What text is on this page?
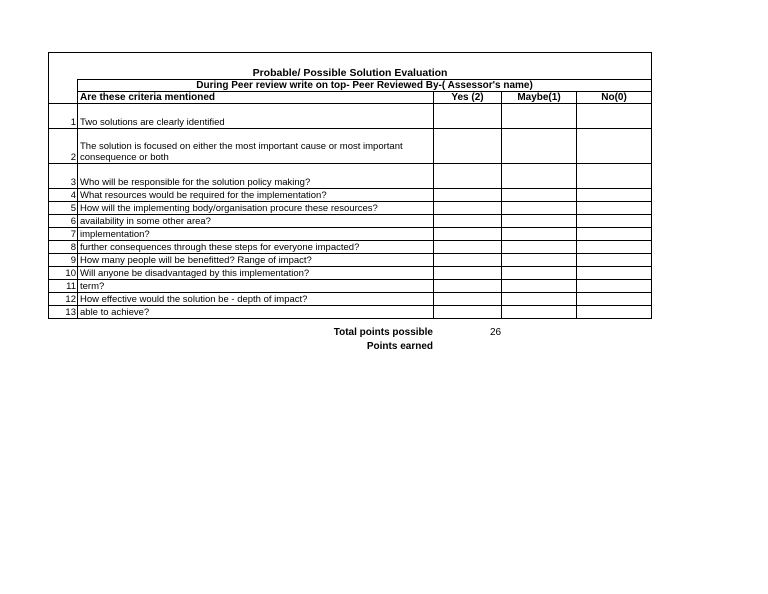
Probable/ Possible Solution Evaluation				
	During Peer review write on top- Peer Reviewed By-( Assessor's name)			
	Are these criteria mentioned	Yes (2)	Maybe(1)	No(0)
1	Two solutions are clearly identified			
2	The solution is focused on either the most important cause or most important consequence or both			
3	Who will be responsible for the solution policy making?			
4	What resources would be required for the implementation?			
5	How will the implementing body/organisation procure these resources?			
6	availability in some other area?			
7	implementation?			
8	further consequences through these steps for everyone impacted?			
9	How many people will be benefitted? Range of impact?			
10	Will anyone be disadvantaged by this implementation?			
11	term?			
12	How effective would the solution be - depth of impact?			
13	able to achieve?			
Total points possible	26
Points earned
